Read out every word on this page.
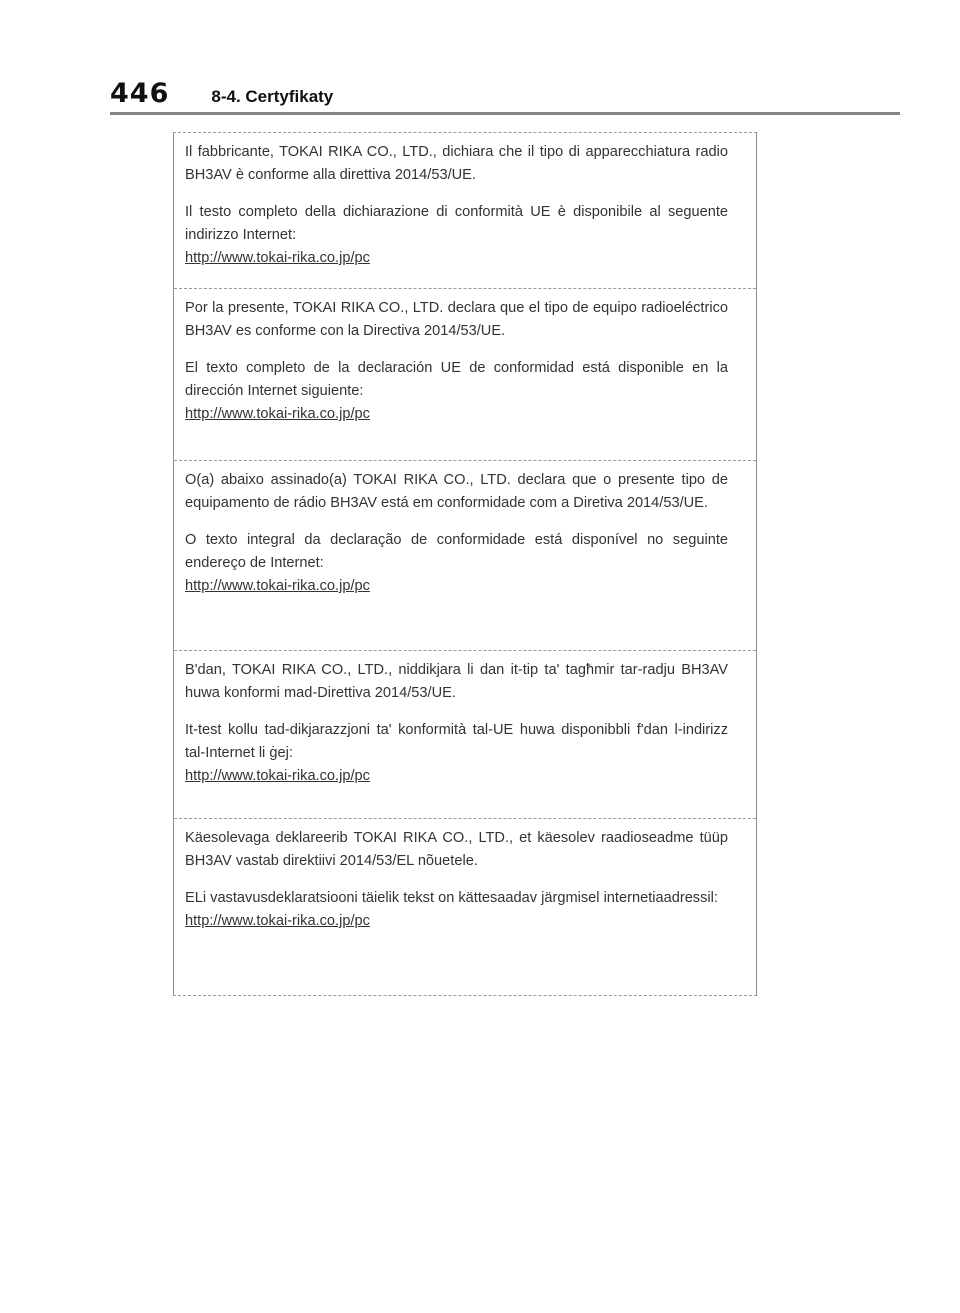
446 8-4. Certyfikaty

Il fabbricante, TOKAI RIKA CO., LTD., dichiara che il tipo di apparecchiatura radio BH3AV è conforme alla direttiva 2014/53/UE.

Il testo completo della dichiarazione di conformità UE è disponibile al seguente indirizzo Internet:

http://www.tokai-rika.co.jp/pc

Por la presente, TOKAI RIKA CO., LTD. declara que el tipo de equipo radioeléctrico BH3AV es conforme con la Directiva 2014/53/UE.

El texto completo de la declaración UE de conformidad está disponible en la dirección Internet siguiente:

http://www.tokai-rika.co.jp/pc

O(a) abaixo assinado(a) TOKAI RIKA CO., LTD. declara que o presente tipo de equipamento de rádio BH3AV está em conformidade com a Diretiva 2014/53/UE.

O texto integral da declaração de conformidade está disponível no seguinte endereço de Internet:

http://www.tokai-rika.co.jp/pc

B'dan, TOKAI RIKA CO., LTD., niddikjara li dan it-tip ta' tagħmir tar-radju BH3AV huwa konformi mad-Direttiva 2014/53/UE.

It-test kollu tad-dikjarazzjoni ta' konformità tal-UE huwa disponibbli f'dan l-indirizz tal-Internet li ġej:

http://www.tokai-rika.co.jp/pc

Käesolevaga deklareerib TOKAI RIKA CO., LTD., et käesolev raadioseadme tüüp BH3AV vastab direktiivi 2014/53/EL nõuetele.

ELi vastavusdeklaratsiooni täielik tekst on kättesaadav järgmisel internetiaadressil:

http://www.tokai-rika.co.jp/pc
